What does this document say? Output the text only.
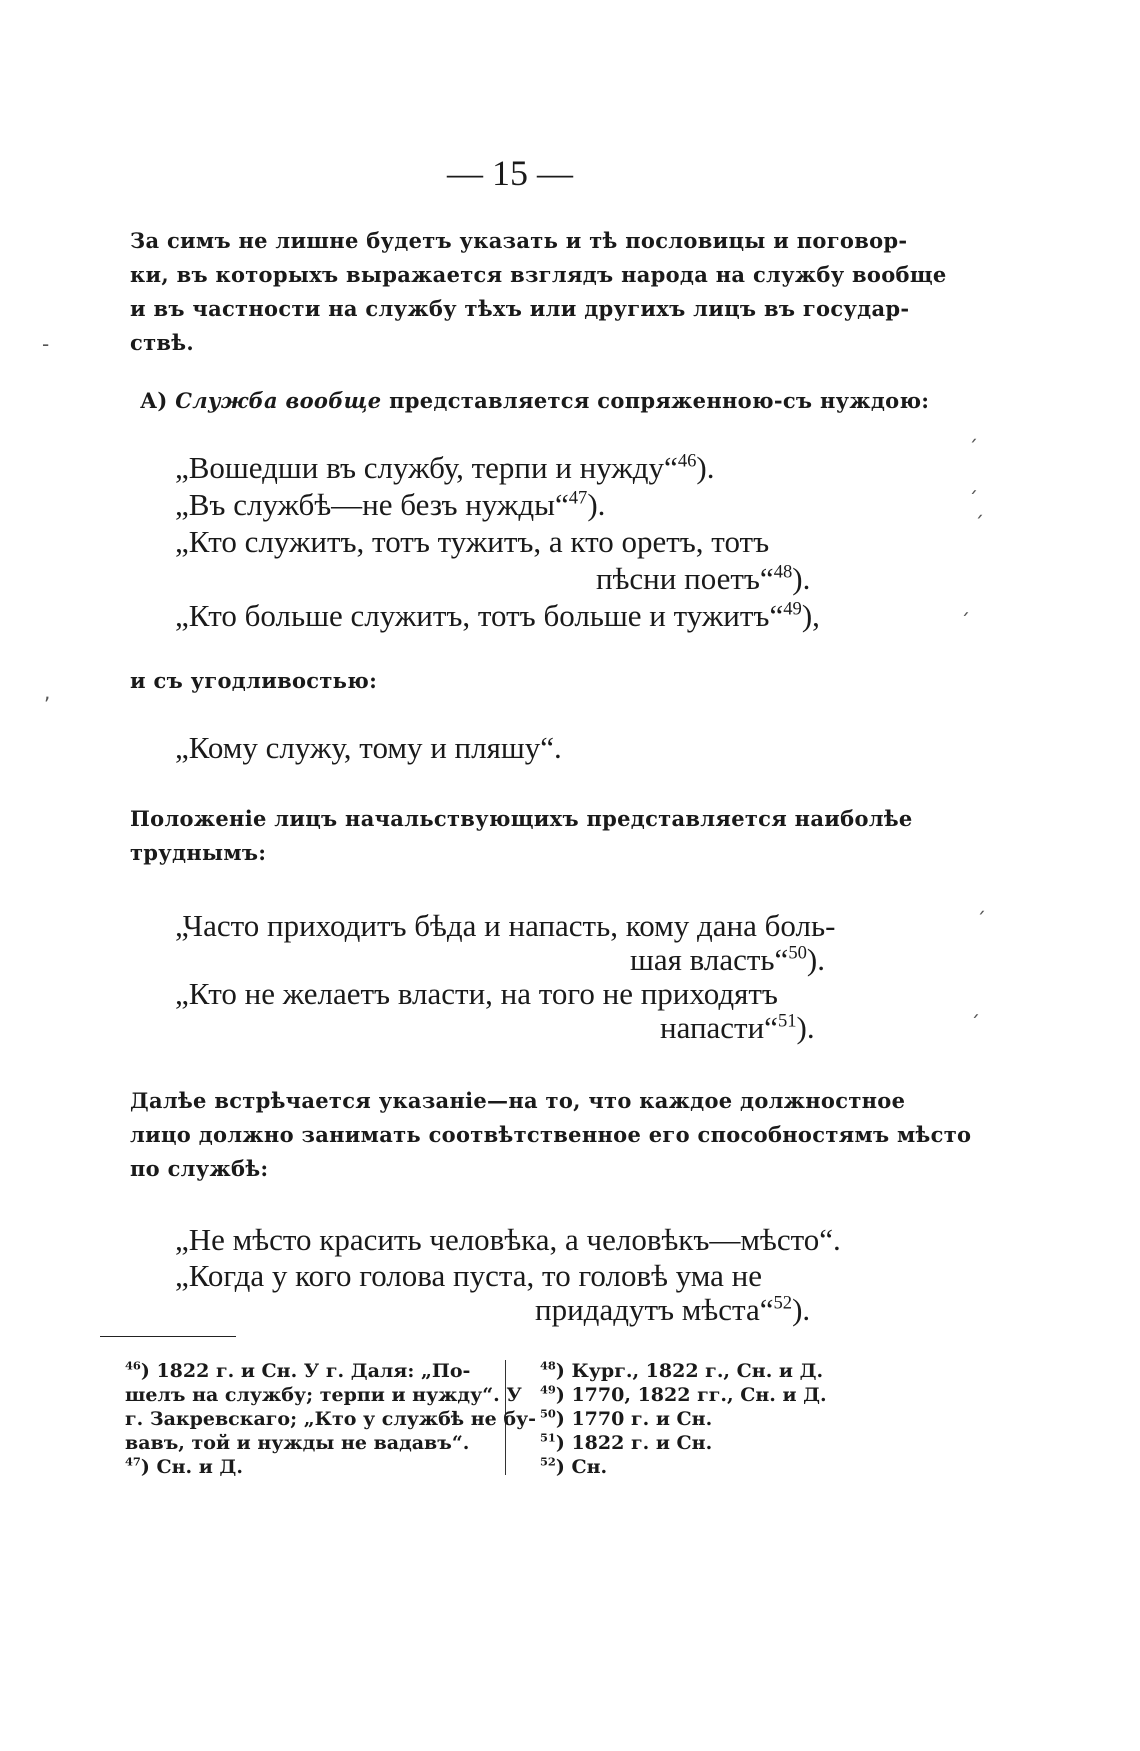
— 15 —
За симъ не лишне будетъ указать и тѣ пословицы и поговор-
ки, въ которыхъ выражается взглядъ народа на службу вообще
и въ частности на службу тѣхъ или другихъ лицъ въ государ-
ствѣ.
А) Служба вообще представляется сопряженною-съ нуждою:
„Вошедши въ службу, терпи и нужду“$^{46}$).
„Въ службѣ—не безъ нужды“$^{47}$).
„Кто служитъ, тотъ тужитъ, а кто оретъ, тотъ
пѣсни поетъ“$^{48}$).
„Кто больше служитъ, тотъ больше и тужитъ“$^{49}$),
и съ угодливостью:
„Кому служу, тому и пляшу“.
Положеніе лицъ начальствующихъ представляется наиболѣе
труднымъ:
„Часто приходитъ бѣда и напасть, кому дана боль-
шая власть“$^{50}$).
„Кто не желаетъ власти, на того не приходятъ
напасти“$^{51}$).
Далѣе встрѣчается указаніе—на то, что каждое должностное
лицо должно занимать соотвѣтственное его способностямъ мѣсто
по службѣ:
„Не мѣсто красить человѣка, а человѣкъ—мѣсто“.
„Когда у кого голова пуста, то головѣ ума не
придадутъ мѣста“$^{52}$).
$^{46}$) 1822 г. и Сн. У г. Даля: „По-
шелъ на службу; терпи и нужду“. У
г. Закревскаго; „Кто у службѣ не бу-
вавъ, той и нужды не вадавъ“.
$^{47}$) Сн. и Д.
$^{48}$) Кург., 1822 г., Сн. и Д.
$^{49}$) 1770, 1822 гг., Сн. и Д.
$^{50}$) 1770 г. и Сн.
$^{51}$) 1822 г. и Сн.
$^{52}$) Сн.
ˊ
ˏ
ˊ
ˏ
ˊ
ˏ
-
,
